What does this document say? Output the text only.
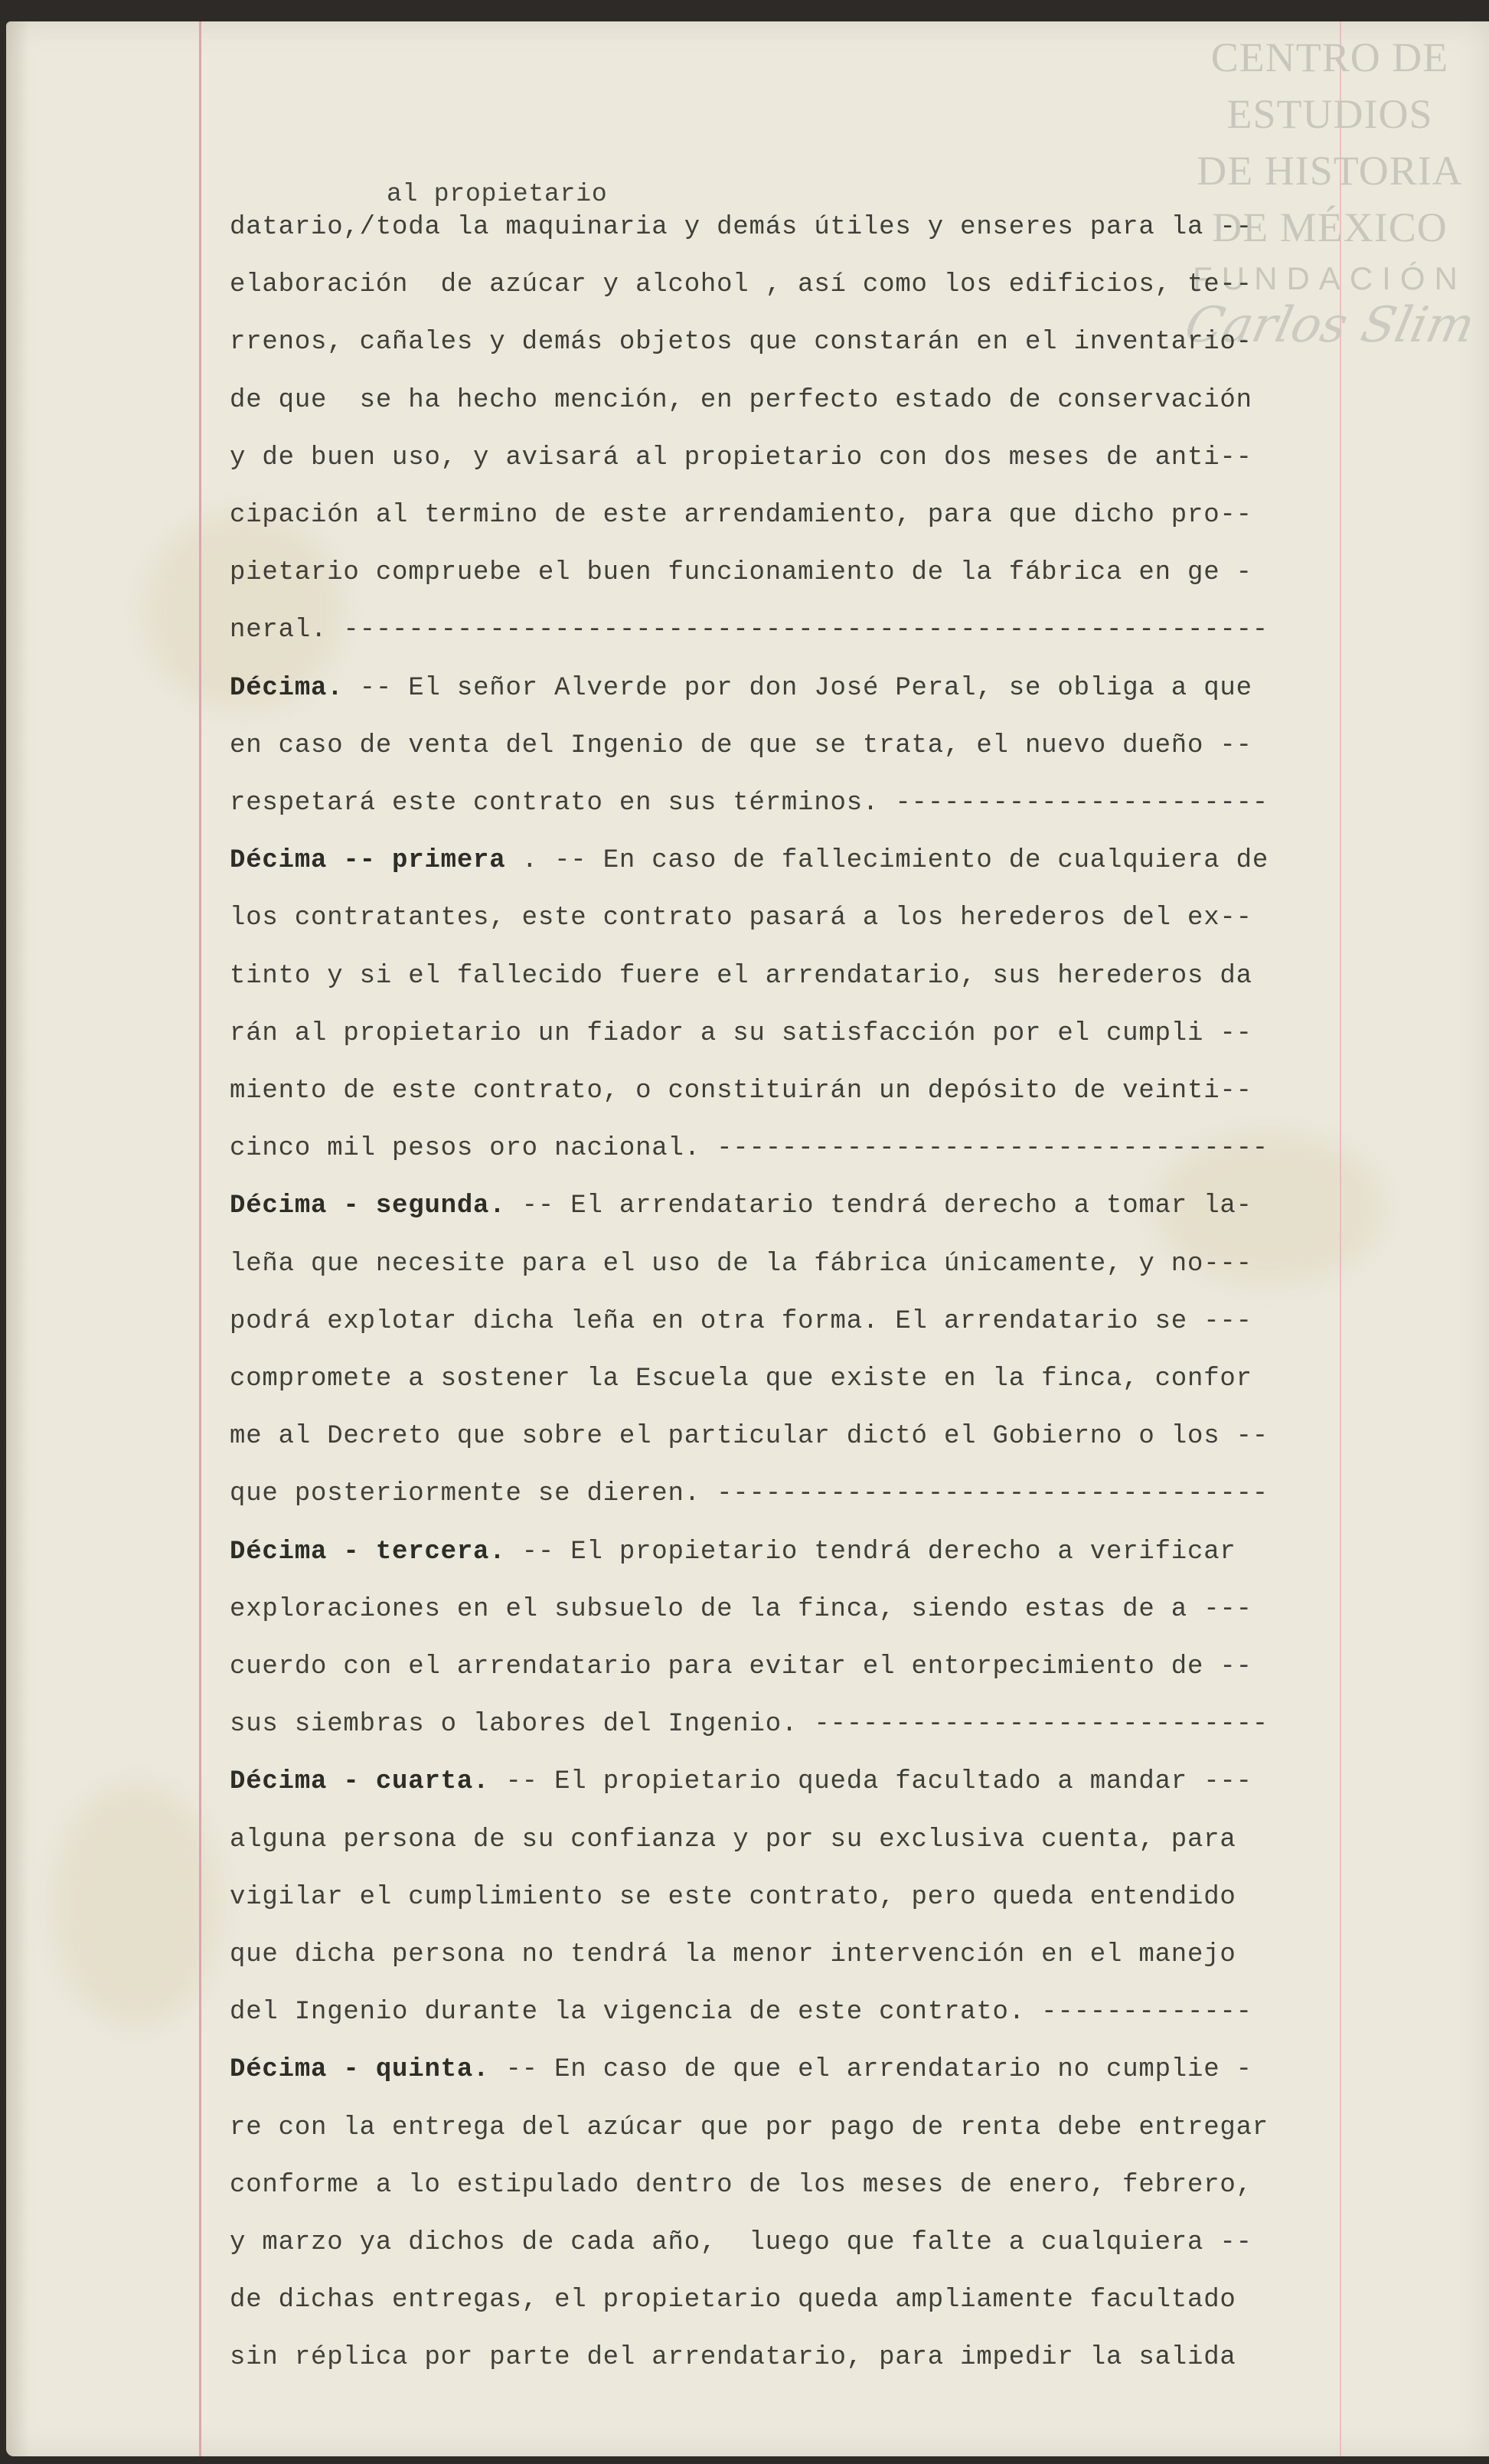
CENTRO DE
ESTUDIOS
DE HISTORIA
DE MÉXICO
FUNDACIÓN
Carlos Slim
al propietario
datario,/toda la maquinaria y demás útiles y enseres para la --
elaboración  de azúcar y alcohol , así como los edificios, te--
rrenos, cañales y demás objetos que constarán en el inventario-
de que  se ha hecho mención, en perfecto estado de conservación
y de buen uso, y avisará al propietario con dos meses de anti--
cipación al termino de este arrendamiento, para que dicho pro--
pietario compruebe el buen funcionamiento de la fábrica en ge -
neral. ---------------------------------------------------------
Décima. -- El señor Alverde por don José Peral, se obliga a que
en caso de venta del Ingenio de que se trata, el nuevo dueño --
respetará este contrato en sus términos. -----------------------
Décima -- primera . -- En caso de fallecimiento de cualquiera de
los contratantes, este contrato pasará a los herederos del ex--
tinto y si el fallecido fuere el arrendatario, sus herederos da
rán al propietario un fiador a su satisfacción por el cumpli --
miento de este contrato, o constituirán un depósito de veinti--
cinco mil pesos oro nacional. ----------------------------------
Décima - segunda. -- El arrendatario tendrá derecho a tomar la-
leña que necesite para el uso de la fábrica únicamente, y no---
podrá explotar dicha leña en otra forma. El arrendatario se ---
compromete a sostener la Escuela que existe en la finca, confor
me al Decreto que sobre el particular dictó el Gobierno o los --
que posteriormente se dieren. ----------------------------------
Décima - tercera. -- El propietario tendrá derecho a verificar
exploraciones en el subsuelo de la finca, siendo estas de a ---
cuerdo con el arrendatario para evitar el entorpecimiento de --
sus siembras o labores del Ingenio. ----------------------------
Décima - cuarta. -- El propietario queda facultado a mandar ---
alguna persona de su confianza y por su exclusiva cuenta, para
vigilar el cumplimiento se este contrato, pero queda entendido
que dicha persona no tendrá la menor intervención en el manejo
del Ingenio durante la vigencia de este contrato. -------------
Décima - quinta. -- En caso de que el arrendatario no cumplie -
re con la entrega del azúcar que por pago de renta debe entregar
conforme a lo estipulado dentro de los meses de enero, febrero,
y marzo ya dichos de cada año,  luego que falte a cualquiera --
de dichas entregas, el propietario queda ampliamente facultado
sin réplica por parte del arrendatario, para impedir la salida
